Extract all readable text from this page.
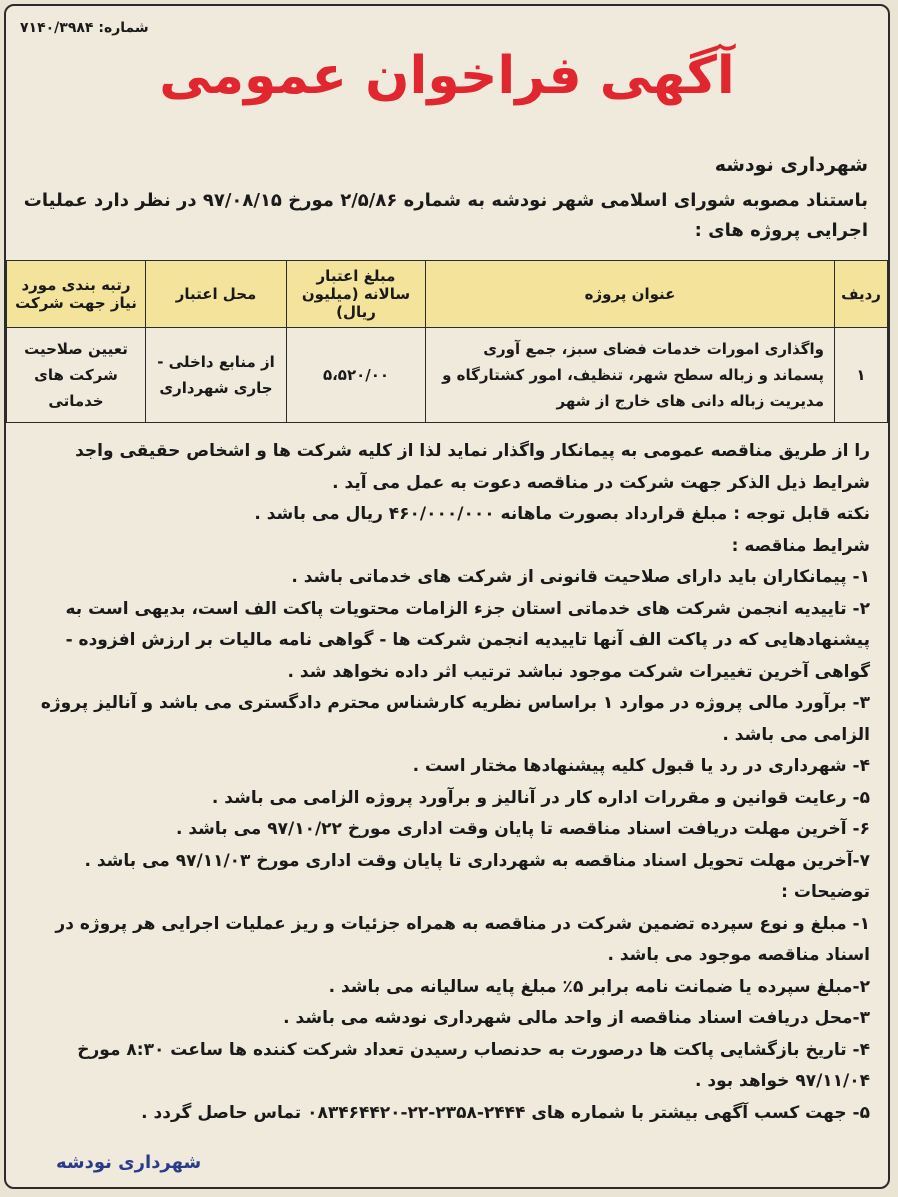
شماره: ۷۱۴۰/۳۹۸۴
آگهی فراخوان عمومی
شهرداری نودشه
باستناد مصوبه شورای اسلامی شهر نودشه به شماره ۲/۵/۸۶ مورخ ۹۷/۰۸/۱۵ در نظر دارد عملیات اجرایی پروژه های :
ردیف	عنوان پروژه	مبلغ اعتبار سالانه (میلیون ریال)	محل اعتبار	رتبه بندی مورد نیاز جهت شرکت
۱	واگذاری امورات خدمات فضای سبز، جمع آوری پسماند و زباله سطح شهر، تنظیف، امور کشتارگاه و مدیریت زباله دانی های خارج از شهر	۵،۵۲۰/۰۰	از منابع داخلی - جاری شهرداری	تعیین صلاحیت شرکت های خدماتی

را از طریق مناقصه عمومی به پیمانکار واگذار نماید لذا از کلیه شرکت ها و اشخاص حقیقی واجد شرایط ذیل الذکر جهت شرکت در مناقصه دعوت به عمل می آید .

نکته قابل توجه : مبلغ قرارداد بصورت ماهانه ۴۶۰/۰۰۰/۰۰۰ ریال می باشد .

شرایط مناقصه :

۱- پیمانکاران باید دارای صلاحیت قانونی از شرکت های خدماتی باشد .

۲- تاییدیه انجمن شرکت های خدماتی استان جزء الزامات محتویات پاکت الف است، بدیهی است به پیشنهادهایی که در پاکت الف آنها تاییدیه انجمن شرکت ها - گواهی نامه مالیات بر ارزش افزوده - گواهی آخرین تغییرات شرکت موجود نباشد ترتیب اثر داده نخواهد شد .

۳- برآورد مالی پروژه در موارد ۱ براساس نظریه کارشناس محترم دادگستری می باشد و آنالیز پروژه الزامی می باشد .

۴- شهرداری در رد یا قبول کلیه پیشنهادها مختار است .

۵- رعایت قوانین و مقررات اداره کار در آنالیز و برآورد پروژه الزامی می باشد .

۶- آخرین مهلت دریافت اسناد مناقصه تا پایان وقت اداری مورخ ۹۷/۱۰/۲۲ می باشد .

۷-آخرین مهلت تحویل اسناد مناقصه به شهرداری تا پایان وقت اداری مورخ ۹۷/۱۱/۰۳ می باشد .

توضیحات :

۱- مبلغ و نوع سپرده تضمین شرکت در مناقصه به همراه جزئیات و ریز عملیات اجرایی هر پروژه در اسناد مناقصه موجود می باشد .

۲-مبلغ سپرده یا ضمانت نامه برابر ۵٪ مبلغ پایه سالیانه می باشد .

۳-محل دریافت اسناد مناقصه از واحد مالی شهرداری نودشه می باشد .

۴- تاریخ بازگشایی پاکت ها درصورت به حدنصاب رسیدن تعداد شرکت کننده ها ساعت ۸:۳۰ مورخ ۹۷/۱۱/۰۴ خواهد بود .

۵- جهت کسب آگهی بیشتر با شماره های ۲۴۴۴-۲۳۵۸-۲۲-۰۸۳۴۶۴۴۲۰ تماس حاصل گردد .

شهرداری نودشه
